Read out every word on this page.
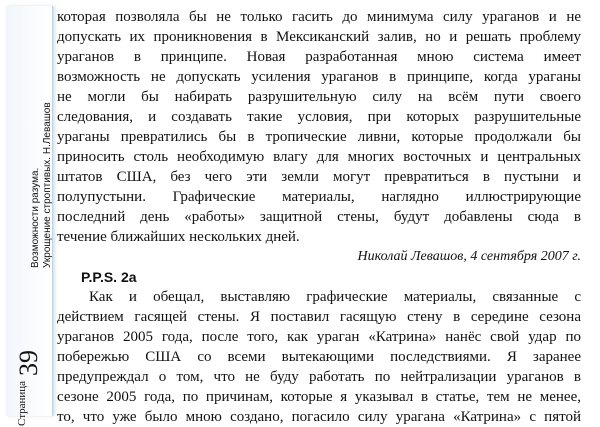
Страница
39
Возможности разума. Укрощение строптивых. Н.Левашов
которая позволяла бы не только гасить до минимума силу ураганов и не
допускать их проникновения в Мексиканский залив, но и решать проблему
ураганов в принципе. Новая разработанная мною система имеет
возможность не допускать усиления ураганов в принципе, когда ураганы
не могли бы набирать разрушительную силу на всём пути своего
следования, и создавать такие условия, при которых разрушительные
ураганы превратились бы в тропические ливни, которые продолжали бы
приносить столь необходимую влагу для многих восточных и центральных
штатов США, без чего эти земли могут превратиться в пустыни и
полупустыни. Графические материалы, наглядно иллюстрирующие
последний день «работы» защитной стены, будут добавлены сюда в
течение ближайших нескольких дней.
Николай Левашов, 4 сентября 2007 г.
P.P.S. 2а
Как и обещал, выставляю графические материалы, связанные с
действием гасящей стены. Я поставил гасящую стену в середине сезона
ураганов 2005 года, после того, как ураган «Катрина» нанёс свой удар по
побережью США со всеми вытекающими последствиями. Я заранее
предупреждал о том, что не буду работать по нейтрализации ураганов в
сезоне 2005 года, по причинам, которые я указывал в статье, тем не менее,
то, что уже было мною создано, погасило силу урагана «Катрина» с пятой
